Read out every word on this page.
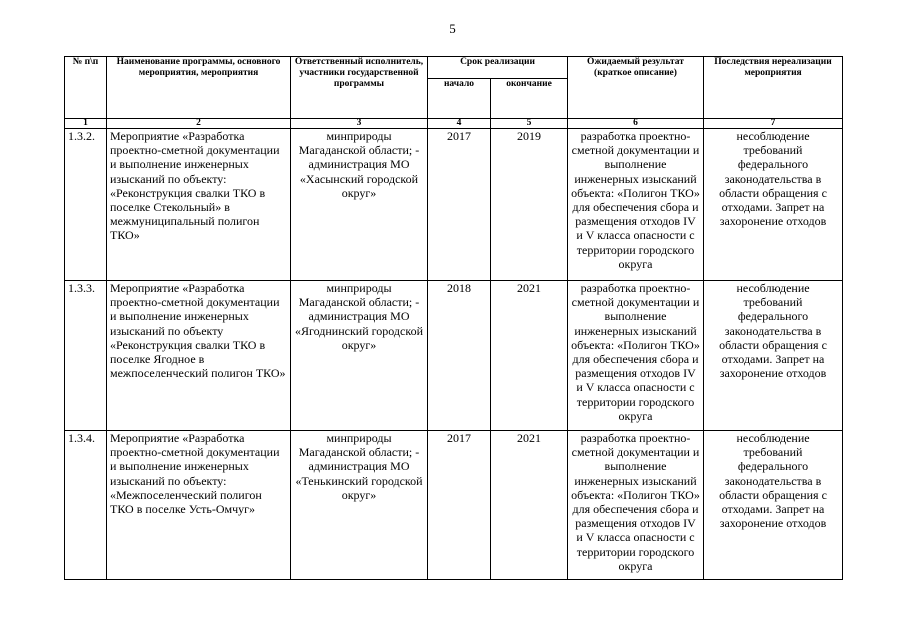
5
№ п\п	Наименование программы, основного мероприятия, мероприятия	Ответственный исполнитель, участники государственной программы	Срок реализации		Ожидаемый результат (краткое описание)	Последствия нереализации мероприятия
			начало	окончание		
1	2	3	4	5	6	7
1.3.2.	Мероприятие «Разработка проектно-сметной документации и выполнение инженерных изысканий по объекту: «Реконструкция свалки ТКО в поселке Стекольный» в межмуниципальный полигон ТКО»	минприроды Магаданской области; - администрация МО «Хасынский городской округ»	2017	2019	разработка проектно-сметной документации и выполнение инженерных изысканий объекта: «Полигон ТКО» для обеспечения сбора и размещения отходов IV и V класса опасности с территории городского округа	несоблюдение требований федерального законодательства в области обращения с отходами. Запрет на захоронение отходов
1.3.3.	Мероприятие «Разработка проектно-сметной документации и выполнение инженерных изысканий по объекту «Реконструкция свалки ТКО в поселке Ягодное в межпоселенческий полигон ТКО»	минприроды Магаданской области; - администрация МО «Ягоднинский городской округ»	2018	2021	разработка проектно-сметной документации и выполнение инженерных изысканий объекта: «Полигон ТКО» для обеспечения сбора и размещения отходов IV и V класса опасности с территории городского округа	несоблюдение требований федерального законодательства в области обращения с отходами. Запрет на захоронение отходов
1.3.4.	Мероприятие «Разработка проектно-сметной документации и выполнение инженерных изысканий по объекту: «Межпоселенческий полигон ТКО в поселке Усть-Омчуг»	минприроды Магаданской области; - администрация МО «Тенькинский городской округ»	2017	2021	разработка проектно-сметной документации и выполнение инженерных изысканий объекта: «Полигон ТКО» для обеспечения сбора и размещения отходов IV и V класса опасности с территории городского округа	несоблюдение требований федерального законодательства в области обращения с отходами. Запрет на захоронение отходов
